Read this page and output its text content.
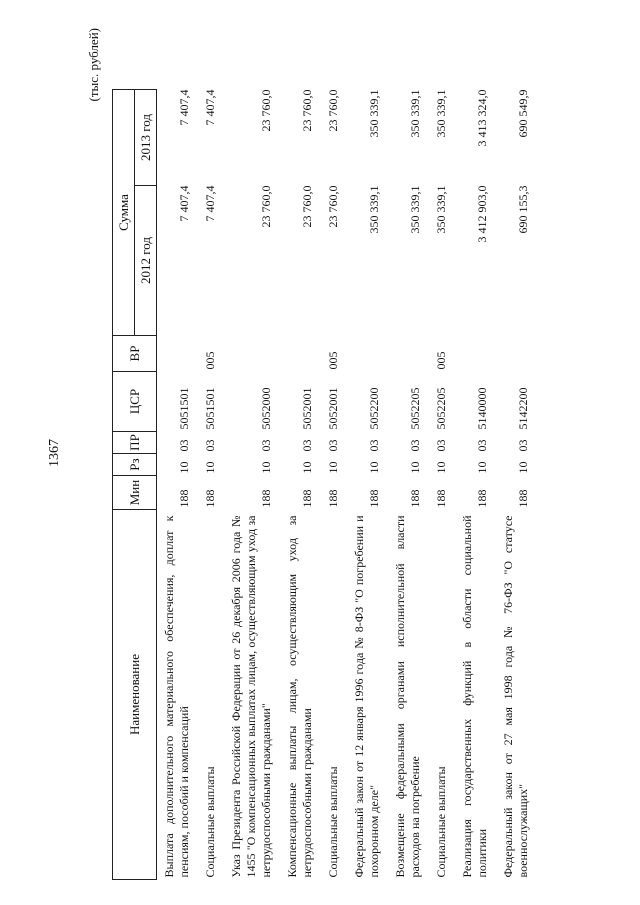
1367
(тыс. рублей)
Наименование	Мин	Рз	ПР	ЦСР	ВР	Сумма	
						2012 год	2013 год
Выплата дополнительного материального обеспечения, доплат к пенсиям, пособий и компенсаций	188	10	03	5051501		7 407,4	7 407,4
Социальные выплаты	188	10	03	5051501	005	7 407,4	7 407,4
Указ Президента Российской Федерации от 26 декабря 2006 года № 1455 "О компенсационных выплатах лицам, осуществляющим уход за нетрудоспособными гражданами"	188	10	03	5052000		23 760,0	23 760,0
Компенсационные выплаты лицам, осуществляющим уход за нетрудоспособными гражданами	188	10	03	5052001		23 760,0	23 760,0
Социальные выплаты	188	10	03	5052001	005	23 760,0	23 760,0
Федеральный закон от 12 января 1996 года № 8-ФЗ "О погребении и похоронном деле"	188	10	03	5052200		350 339,1	350 339,1
Возмещение федеральными органами исполнительной власти расходов на погребение	188	10	03	5052205		350 339,1	350 339,1
Социальные выплаты	188	10	03	5052205	005	350 339,1	350 339,1
Реализация государственных функций в области социальной политики	188	10	03	5140000		3 412 903,0	3 413 324,0
Федеральный закон от 27 мая 1998 года № 76-ФЗ "О статусе военнослужащих"	188	10	03	5142200		690 155,3	690 549,9
